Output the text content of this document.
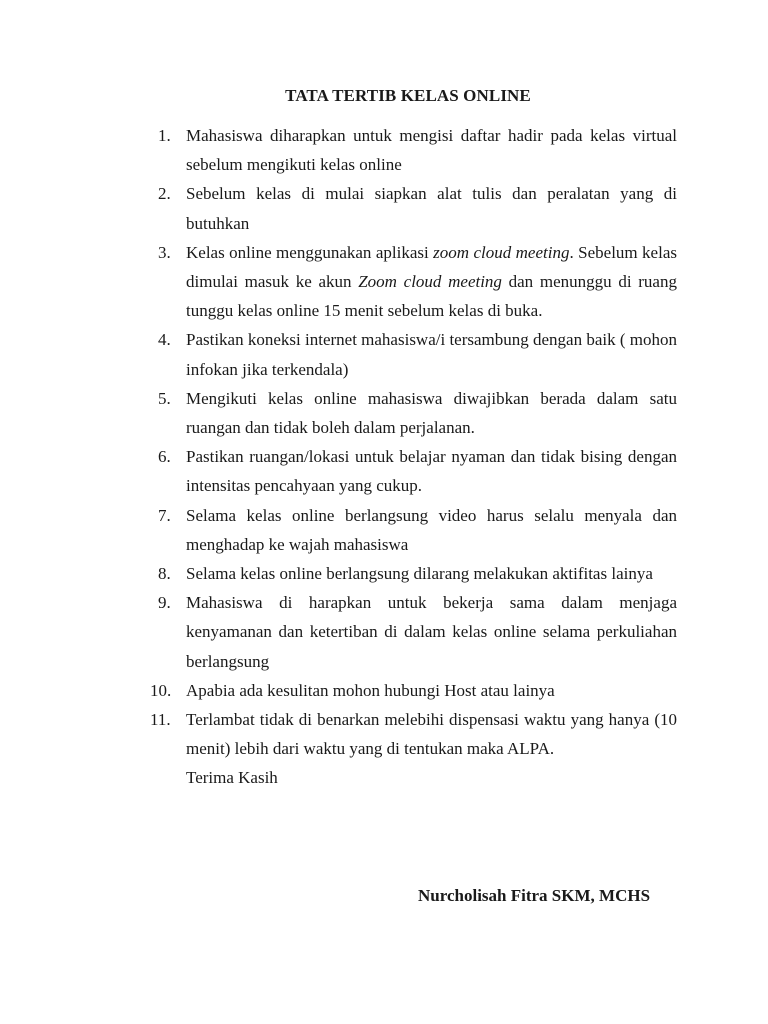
TATA TERTIB KELAS ONLINE
1. Mahasiswa diharapkan untuk mengisi daftar hadir pada kelas virtual sebelum mengikuti kelas online
2. Sebelum kelas di mulai siapkan alat tulis dan peralatan yang di butuhkan
3. Kelas online menggunakan aplikasi zoom cloud meeting. Sebelum kelas dimulai masuk ke akun Zoom cloud meeting dan menunggu di ruang tunggu kelas online 15 menit sebelum kelas di buka.
4. Pastikan koneksi internet mahasiswa/i tersambung dengan baik ( mohon infokan jika terkendala)
5. Mengikuti kelas online mahasiswa diwajibkan berada dalam satu ruangan dan tidak boleh dalam perjalanan.
6. Pastikan ruangan/lokasi untuk belajar nyaman dan tidak bising dengan intensitas pencahyaan yang cukup.
7. Selama kelas online berlangsung video harus selalu menyala dan menghadap ke wajah mahasiswa
8. Selama kelas online berlangsung dilarang melakukan aktifitas lainya
9. Mahasiswa di harapkan untuk bekerja sama dalam menjaga kenyamanan dan ketertiban di dalam kelas online selama perkuliahan berlangsung
10. Apabia ada kesulitan mohon hubungi Host atau lainya
11. Terlambat tidak di benarkan melebihi dispensasi waktu yang hanya (10 menit) lebih dari waktu yang di tentukan maka ALPA.
Terima Kasih
Nurcholisah Fitra SKM, MCHS
